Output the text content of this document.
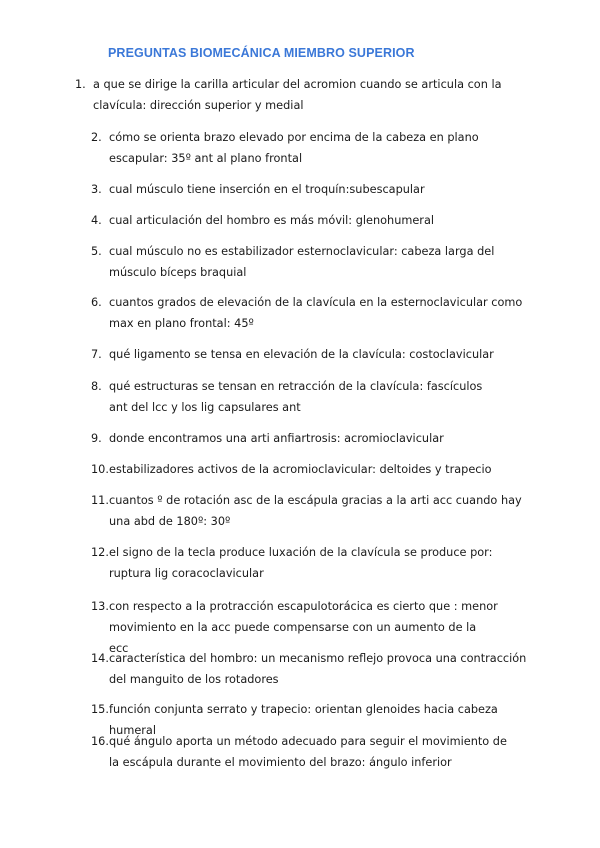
PREGUNTAS BIOMECÁNICA MIEMBRO SUPERIOR
1. a que se dirige la carilla articular del acromion cuando se articula con la clavícula: dirección superior y medial
2. cómo se orienta brazo elevado por encima de la cabeza en plano escapular: 35º ant al plano frontal
3. cual músculo tiene inserción en el troquín:subescapular
4. cual articulación del hombro es más móvil: glenohumeral
5. cual músculo no es estabilizador esternoclavicular: cabeza larga del músculo bíceps braquial
6. cuantos grados de elevación de la clavícula en la esternoclavicular como max en plano frontal: 45º
7. qué ligamento se tensa en elevación de la clavícula: costoclavicular
8. qué estructuras se tensan en retracción de la clavícula: fascículos ant del lcc y los lig capsulares ant
9. donde encontramos una arti anfiartrosis: acromioclavicular
10. estabilizadores activos de la acromioclavicular: deltoides y trapecio
11. cuantos º de rotación asc de la escápula gracias a la arti acc cuando hay una abd de 180º: 30º
12. el signo de la tecla produce luxación de la clavícula se produce por: ruptura lig coracoclavicular
13. con respecto a la protracción escapulotorácica es cierto que : menor movimiento en la acc puede compensarse con un aumento de la ecc
14. característica del hombro: un mecanismo reflejo provoca una contracción del manguito de los rotadores
15. función conjunta serrato y trapecio: orientan glenoides hacia cabeza humeral
16. qué ángulo aporta un método adecuado para seguir el movimiento de la escápula durante el movimiento del brazo: ángulo inferior
